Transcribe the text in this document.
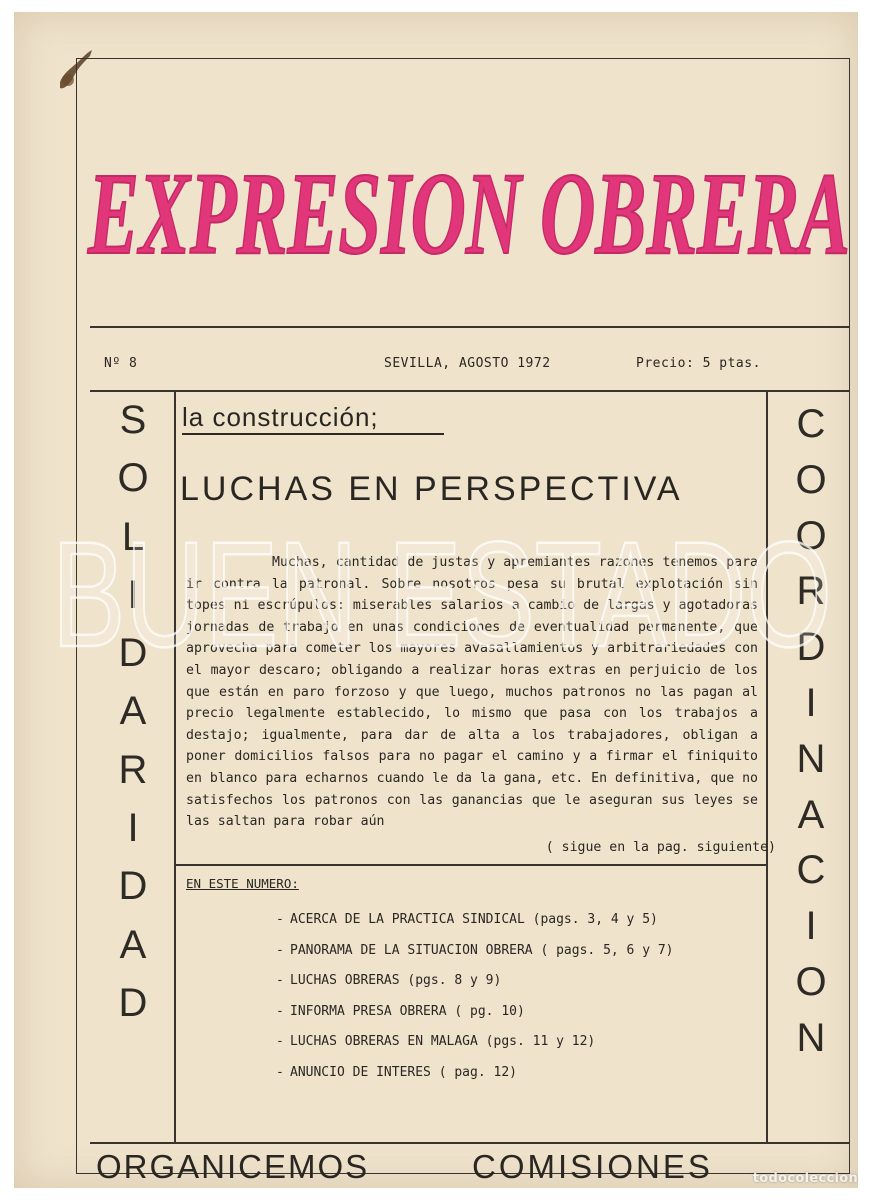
EXPRESION OBRERA
Nº 8	SEVILLA, AGOSTO 1972	Precio: 5 ptas.
S
O
L
I
D
A
R
I
D
A
D
C
O
O
R
D
I
N
A
C
I
O
N
la construcción;
LUCHAS EN PERSPECTIVA

Muchas, cantidad de justas y apremiantes razones tenemos para ir contra la patronal. Sobre nosotros pesa su brutal explotación sin topes ni escrúpulos: miserables salarios a cambio de largas y agotadoras jornadas de trabajo en unas condiciones de eventualidad permanente, que aprovecha para cometer los mayores avasallamientos y arbitrariedades con el mayor descaro; obligando a realizar horas extras en perjuicio de los que están en paro forzoso y que luego, muchos patronos no las pagan al precio legalmente establecido, lo mismo que pasa con los trabajos a destajo; igualmente, para dar de alta a los trabajadores, obligan a poner domicilios falsos para no pagar el camino y a firmar el finiquito en blanco para echarnos cuando le da la gana, etc. En definitiva, que no satisfechos los patronos con las ganancias que le aseguran sus leyes se las saltan para robar aún

( sigue en la pag. siguiente)
EN ESTE NUMERO:
- ACERCA DE LA PRACTICA SINDICAL (pags. 3, 4 y 5)
- PANORAMA DE LA SITUACION OBRERA ( pags. 5, 6 y 7)
- LUCHAS OBRERAS (pgs. 8 y 9)
- INFORMA PRESA OBRERA ( pg. 10)
- LUCHAS OBRERAS EN MALAGA (pgs. 11 y 12)
- ANUNCIO DE INTERES ( pag. 12)
ORGANICEMOS	COMISIONES	todocoleccion
